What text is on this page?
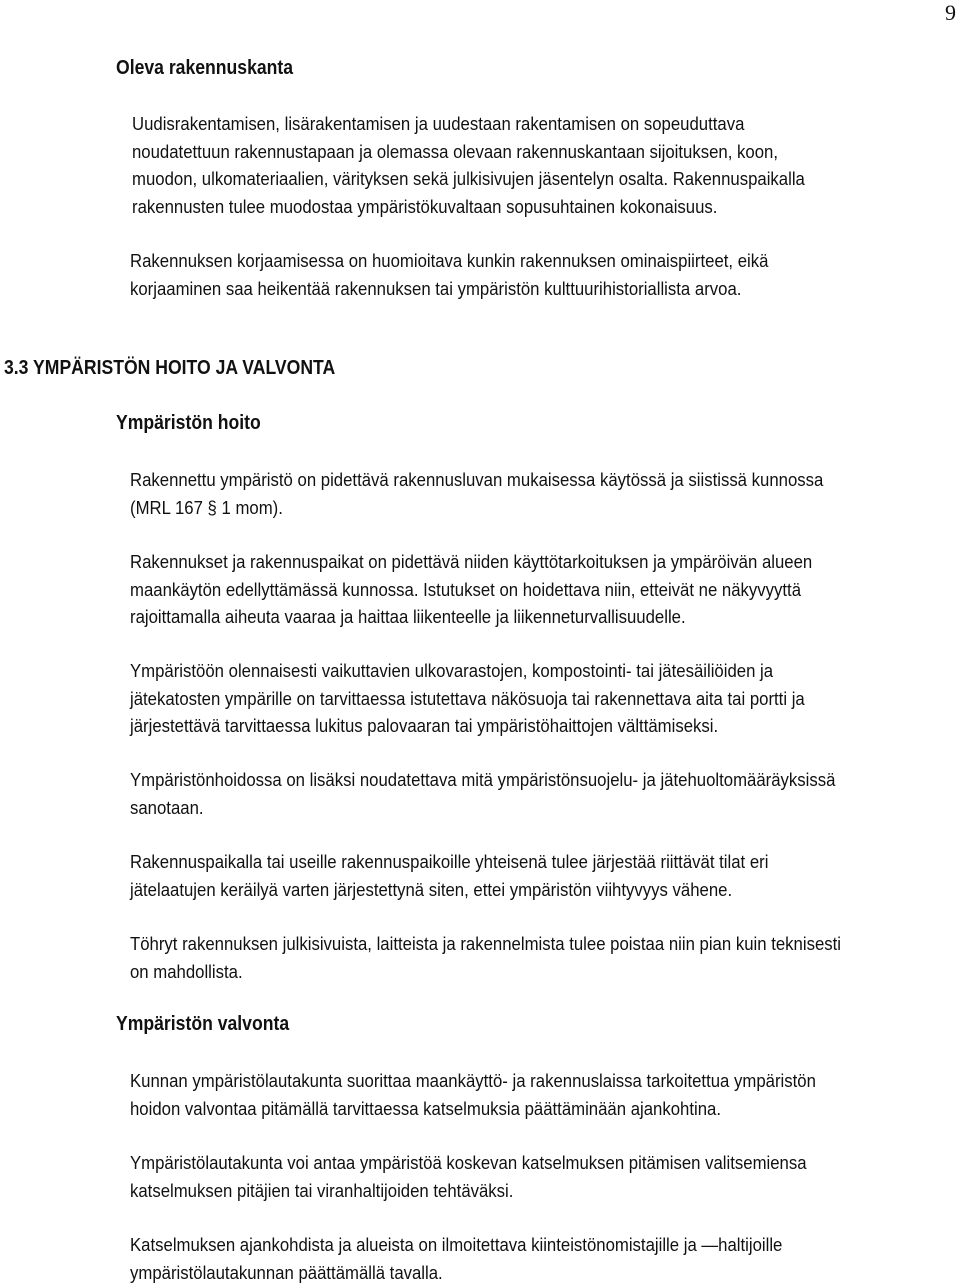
9
Oleva rakennuskanta

Uudisrakentamisen, lisärakentamisen ja uudestaan rakentamisen on sopeuduttava
noudatettuun rakennustapaan ja olemassa olevaan rakennuskantaan sijoituksen, koon,
muodon, ulkomateriaalien, värityksen sekä julkisivujen jäsentelyn osalta. Rakennuspaikalla
rakennusten tulee muodostaa ympäristökuvaltaan sopusuhtainen kokonaisuus.

Rakennuksen korjaamisessa on huomioitava kunkin rakennuksen ominaispiirteet, eikä
korjaaminen saa heikentää rakennuksen tai ympäristön kulttuurihistoriallista arvoa.

3.3 YMPÄRISTÖN HOITO JA VALVONTA
Ympäristön hoito

Rakennettu ympäristö on pidettävä rakennusluvan mukaisessa käytössä ja siistissä kunnossa
(MRL 167 § 1 mom).

Rakennukset ja rakennuspaikat on pidettävä niiden käyttötarkoituksen ja ympäröivän alueen
maankäytön edellyttämässä kunnossa. Istutukset on hoidettava niin, etteivät ne näkyvyyttä
rajoittamalla aiheuta vaaraa ja haittaa liikenteelle ja liikenneturvallisuudelle.

Ympäristöön olennaisesti vaikuttavien ulkovarastojen, kompostointi- tai jätesäiliöiden ja
jätekatosten ympärille on tarvittaessa istutettava näkösuoja tai rakennettava aita tai portti ja
järjestettävä tarvittaessa lukitus palovaaran tai ympäristöhaittojen välttämiseksi.

Ympäristönhoidossa on lisäksi noudatettava mitä ympäristönsuojelu- ja jätehuoltomääräyksissä
sanotaan.

Rakennuspaikalla tai useille rakennuspaikoille yhteisenä tulee järjestää riittävät tilat eri
jätelaatujen keräilyä varten järjestettynä siten, ettei ympäristön viihtyvyys vähene.

Töhryt rakennuksen julkisivuista, laitteista ja rakennelmista tulee poistaa niin pian kuin teknisesti
on mahdollista.

Ympäristön valvonta

Kunnan ympäristölautakunta suorittaa maankäyttö- ja rakennuslaissa tarkoitettua ympäristön
hoidon valvontaa pitämällä tarvittaessa katselmuksia päättäminään ajankohtina.

Ympäristölautakunta voi antaa ympäristöä koskevan katselmuksen pitämisen valitsemiensa
katselmuksen pitäjien tai viranhaltijoiden tehtäväksi.

Katselmuksen ajankohdista ja alueista on ilmoitettava kiinteistönomistajille ja —haltijoille
ympäristölautakunnan päättämällä tavalla.
